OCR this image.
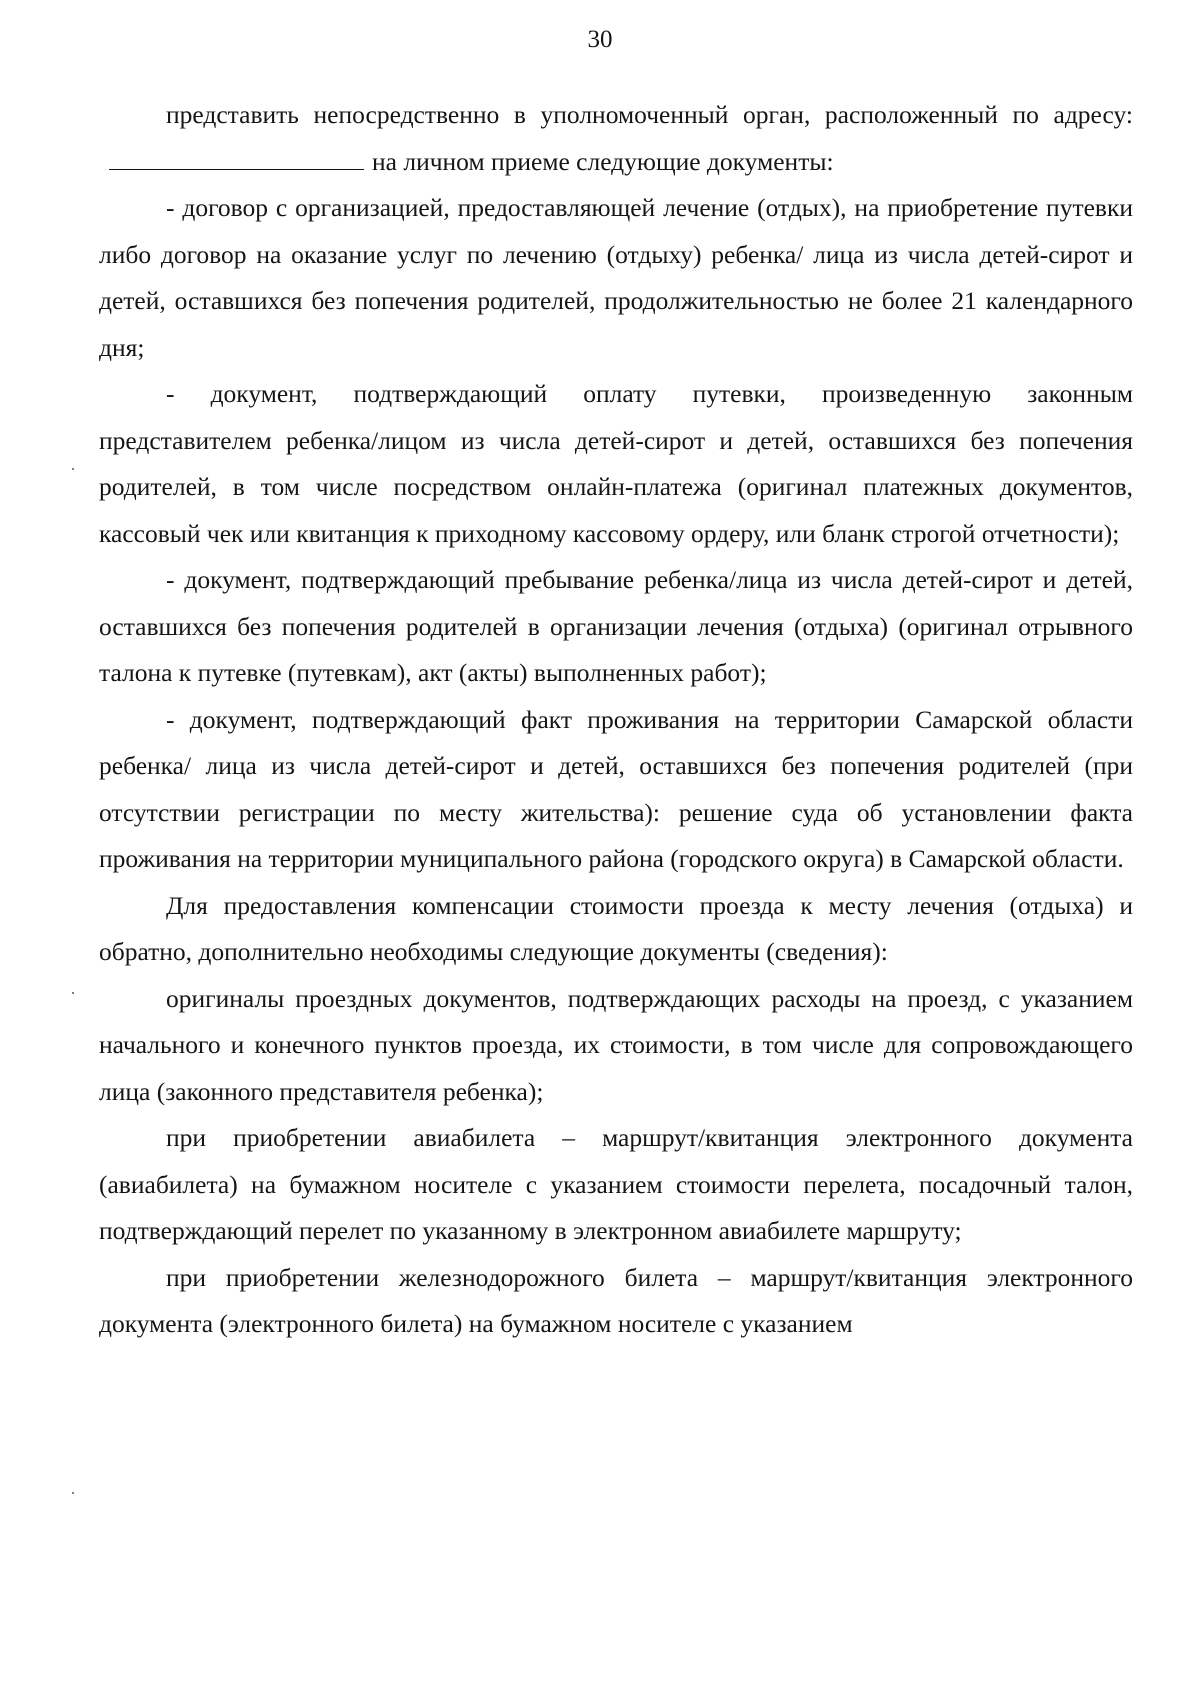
30

представить непосредственно в уполномоченный орган, расположенный по адресу:на личном приеме следующие документы:

- договор с организацией, предоставляющей лечение (отдых), на приобретение путевки либо договор на оказание услуг по лечению (отдыху) ребенка/ лица из числа детей-сирот и детей, оставшихся без попечения родителей, продолжительностью не более 21 календарного дня;

- документ, подтверждающий оплату путевки, произведенную законным представителем ребенка/лицом из числа детей-сирот и детей, оставшихся без попечения родителей, в том числе посредством онлайн-платежа (оригинал платежных документов, кассовый чек или квитанция к приходному кассовому ордеру, или бланк строгой отчетности);

- документ, подтверждающий пребывание ребенка/лица из числа детей-сирот и детей, оставшихся без попечения родителей в организации лечения (отдыха) (оригинал отрывного талона к путевке (путевкам), акт (акты) выполненных работ);

- документ, подтверждающий факт проживания на территории Самарской области ребенка/ лица из числа детей-сирот и детей, оставшихся без попечения родителей (при отсутствии регистрации по месту жительства): решение суда об установлении факта проживания на территории муниципального района (городского округа) в Самарской области.

Для предоставления компенсации стоимости проезда к месту лечения (отдыха) и обратно, дополнительно необходимы следующие документы (сведения):

оригиналы проездных документов, подтверждающих расходы на проезд, с указанием начального и конечного пунктов проезда, их стоимости, в том числе для сопровождающего лица (законного представителя ребенка);

при приобретении авиабилета – маршрут/квитанция электронного документа (авиабилета) на бумажном носителе с указанием стоимости перелета, посадочный талон, подтверждающий перелет по указанному в электронном авиабилете маршруту;

при приобретении железнодорожного билета – маршрут/квитанция электронного документа (электронного билета) на бумажном носителе с указанием
